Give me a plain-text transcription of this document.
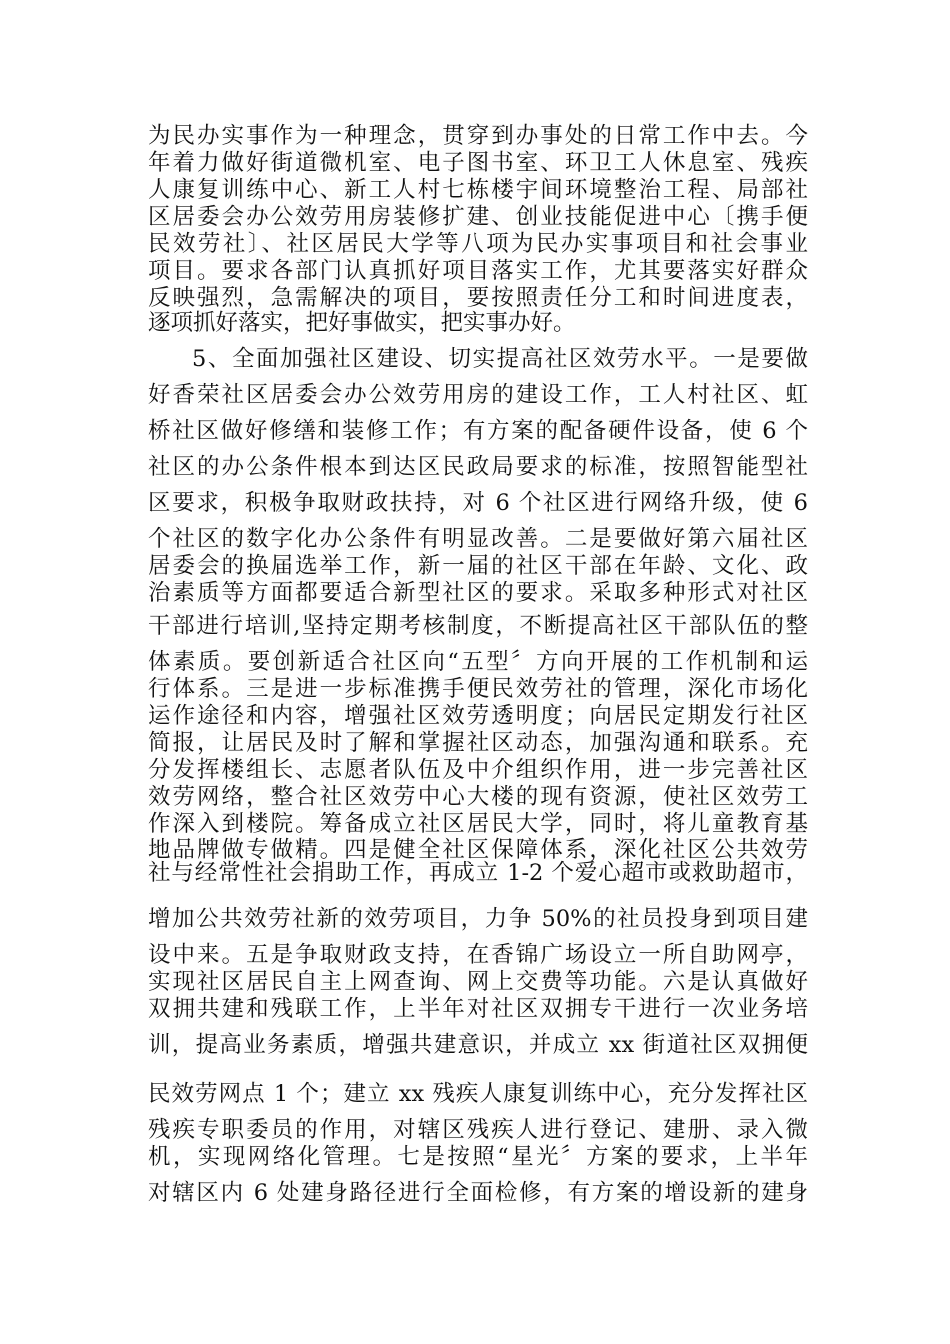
为民办实事作为一种理念，贯穿到办事处的日常工作中去。今
年着力做好街道微机室、电子图书室、环卫工人休息室、残疾
人康复训练中心、新工人村七栋楼宇间环境整治工程、局部社
区居委会办公效劳用房装修扩建、创业技能促进中心〔携手便
民效劳社〕、社区居民大学等八项为民办实事项目和社会事业
项目。要求各部门认真抓好项目落实工作，尤其要落实好群众
反映强烈，急需解决的项目，要按照责任分工和时间进度表，
逐项抓好落实，把好事做实，把实事办好。
5、全面加强社区建设、切实提高社区效劳水平。一是要做
好香荣社区居委会办公效劳用房的建设工作，工人村社区、虹
桥社区做好修缮和装修工作；有方案的配备硬件设备，使 6 个
社区的办公条件根本到达区民政局要求的标准，按照智能型社
区要求，积极争取财政扶持，对 6 个社区进行网络升级，使 6
个社区的数字化办公条件有明显改善。二是要做好第六届社区
居委会的换届选举工作，新一届的社区干部在年龄、文化、政
治素质等方面都要适合新型社区的要求。采取多种形式对社区
干部进行培训,坚持定期考核制度，不断提高社区干部队伍的整
体素质。要创新适合社区向“五型〞方向开展的工作机制和运
行体系。三是进一步标准携手便民效劳社的管理，深化市场化
运作途径和内容，增强社区效劳透明度；向居民定期发行社区
简报，让居民及时了解和掌握社区动态，加强沟通和联系。充
分发挥楼组长、志愿者队伍及中介组织作用，进一步完善社区
效劳网络，整合社区效劳中心大楼的现有资源，使社区效劳工
作深入到楼院。筹备成立社区居民大学，同时，将儿童教育基
地品牌做专做精。四是健全社区保障体系，深化社区公共效劳
社与经常性社会捐助工作，再成立 1-2 个爱心超市或救助超市，
增加公共效劳社新的效劳项目，力争 50%的社员投身到项目建
设中来。五是争取财政支持，在香锦广场设立一所自助网亭，
实现社区居民自主上网查询、网上交费等功能。六是认真做好
双拥共建和残联工作，上半年对社区双拥专干进行一次业务培
训，提高业务素质，增强共建意识，并成立 xx 街道社区双拥便
民效劳网点 1 个；建立 xx 残疾人康复训练中心，充分发挥社区
残疾专职委员的作用，对辖区残疾人进行登记、建册、录入微
机，实现网络化管理。七是按照“星光〞方案的要求，上半年
对辖区内 6 处建身路径进行全面检修，有方案的增设新的建身
